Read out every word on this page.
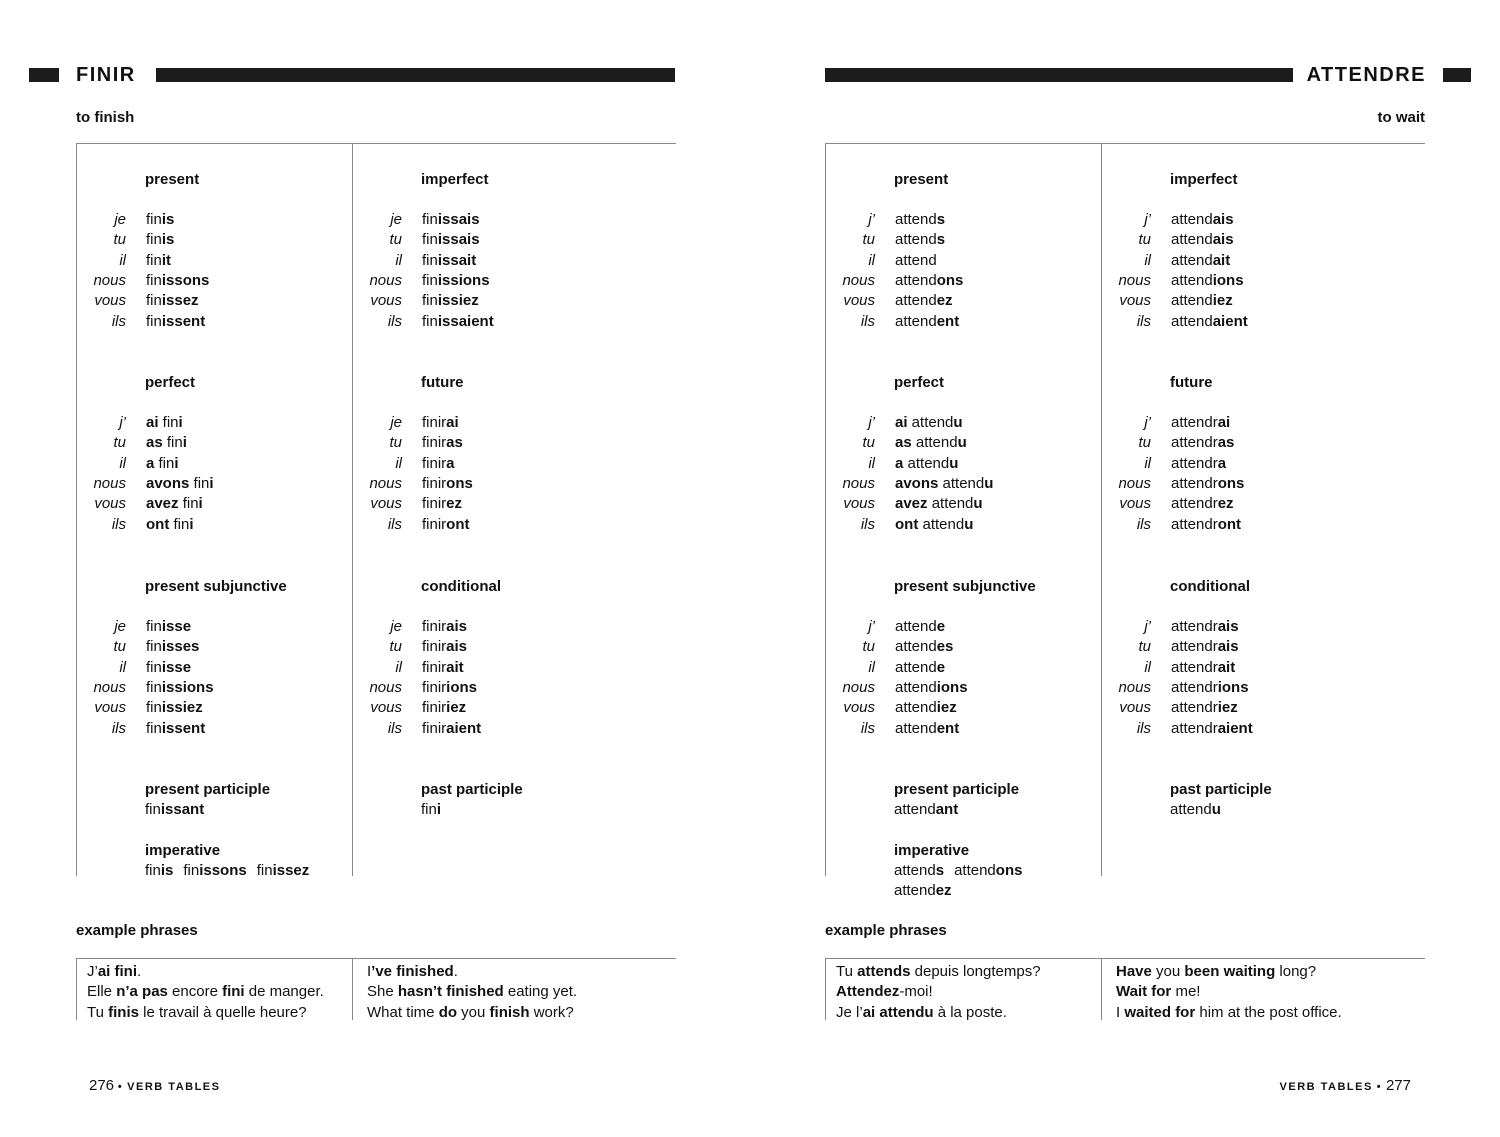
FINIR
to finish
present
je finis
tu finis
il finit
nous finissons
vous finissez
ils finissent
imperfect
je finissais
tu finissais
il finissait
nous finissions
vous finissiez
ils finissaient
perfect
j’ ai fini
tu as fini
il a fini
nous avons fini
vous avez fini
ils ont fini
future
je finirai
tu finiras
il finira
nous finirons
vous finirez
ils finiront
present subjunctive
je finisse
tu finisses
il finisse
nous finissions
vous finissiez
ils finissent
conditional
je finirais
tu finirais
il finirait
nous finirions
vous finiriez
ils finiraient
present participle
finissant
past participle
fini
imperative
finis finissons finissez
example phrases
J’ai fini.
Elle n’a pas encore fini de manger.
Tu finis le travail à quelle heure?
I’ve finished.
She hasn’t finished eating yet.
What time do you finish work?
276 • VERB TABLES
ATTENDRE
to wait
present
j’ attends
tu attends
il attend
nous attendons
vous attendez
ils attendent
imperfect
j’ attendais
tu attendais
il attendait
nous attendions
vous attendiez
ils attendaient
perfect
j’ ai attendu
tu as attendu
il a attendu
nous avons attendu
vous avez attendu
ils ont attendu
future
j’ attendrai
tu attendras
il attendra
nous attendrons
vous attendrez
ils attendront
present subjunctive
j’ attende
tu attendes
il attende
nous attendions
vous attendiez
ils attendent
conditional
j’ attendrais
tu attendrais
il attendrait
nous attendrions
vous attendriez
ils attendraient
present participle
attendant
past participle
attendu
imperative
attends attendons
attendez
example phrases
Tu attends depuis longtemps?
Attendez-moi!
Je l’ai attendu à la poste.
Have you been waiting long?
Wait for me!
I waited for him at the post office.
VERB TABLES • 277
